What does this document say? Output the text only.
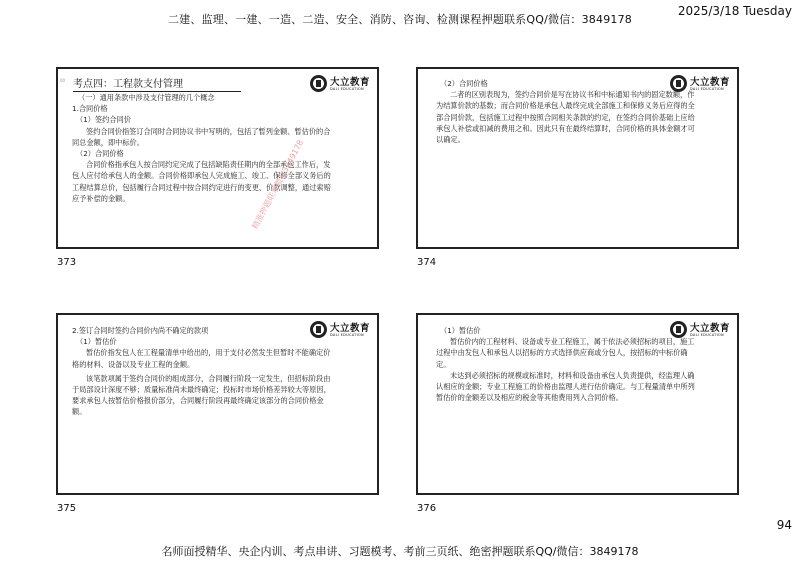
二建、监理、一建、一造、二造、安全、消防、咨询、检测课程押题联系QQ/微信：3849178
2025/3/18 Tuesday
00 考点四：工程款支付管理	大立教育
DALI EDUCATION

（一）通用条款中涉及支付管理的几个概念

1.合同价格

（1）签约合同价

签约合同价指签订合同时合同协议书中写明的，包括了暂列金额、暂估价的合同总金额，即中标价。

（2）合同价格

合同价格指承包人按合同约定完成了包括缺陷责任期内的全部承包工作后，发包人应付给承包人的金额。合同价格即承包人完成施工、竣工、保修全部义务后的工程结算总价，包括履行合同过程中按合同约定进行的变更、价款调整，通过索赔应予补偿的金额。	精准押题联系微信3849178
373
大立教育
DALI EDUCATION

（2）合同价格

二者的区别表现为，签约合同价是写在协议书和中标通知书内的固定数额，作为结算价款的基数；而合同价格是承包人最终完成全部施工和保修义务后应得的全部合同价款，包括施工过程中按照合同相关条款的约定，在签约合同价基础上应给承包人补偿或扣减的费用之和。因此只有在最终结算时，合同价格的具体金额才可以确定。

374
大立教育
DALI EDUCATION

2.签订合同时签约合同价内尚不确定的款项

（1）暂估价

暂估价指发包人在工程量清单中给出的，用于支付必然发生但暂时不能确定价格的材料、设备以及专业工程的金额。

该笔款项属于签约合同价的组成部分，合同履行阶段一定发生，但招标阶段由于局部设计深度不够；质量标准尚未最终确定；投标时市场价格差异较大等原因，要求承包人按暂估价格报价部分，合同履行阶段再最终确定该部分的合同价格金额。

375
大立教育
DALI EDUCATION

（1）暂估价

暂估价内的工程材料、设备或专业工程施工，属于依法必须招标的项目，施工过程中由发包人和承包人以招标的方式选择供应商或分包人，按招标的中标价确定。

未达到必须招标的规模或标准时，材料和设备由承包人负责提供，经监理人确认相应的金额；专业工程施工的价格由监理人进行估价确定。与工程量清单中所列暂估价的金额差以及相应的税金等其他费用列入合同价格。

376
94
名师面授精华、央企内训、考点串讲、习题模考、考前三页纸、绝密押题联系QQ/微信：3849178
